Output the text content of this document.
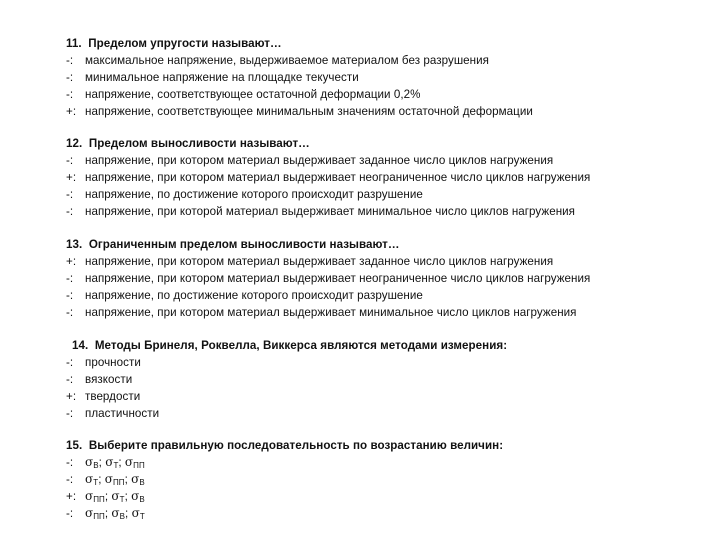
11. Пределом упругости называют…
-: максимальное напряжение, выдерживаемое материалом без разрушения
-: минимальное напряжение на площадке текучести
-: напряжение, соответствующее остаточной деформации 0,2%
+: напряжение, соответствующее минимальным значениям остаточной деформации
12. Пределом выносливости называют…
-: напряжение, при котором материал выдерживает заданное число циклов нагружения
+: напряжение, при котором материал выдерживает неограниченное число циклов нагружения
-: напряжение, по достижение которого происходит разрушение
-: напряжение, при которой материал выдерживает минимальное число циклов нагружения
13. Ограниченным пределом выносливости называют…
+: напряжение, при котором материал выдерживает заданное число циклов нагружения
-: напряжение, при котором материал выдерживает неограниченное число циклов нагружения
-: напряжение, по достижение которого происходит разрушение
-: напряжение, при котором материал выдерживает минимальное число циклов нагружения
14. Методы Бринеля, Роквелла, Виккерса являются методами измерения:
-: прочности
-: вязкости
+: твердости
-: пластичности
15. Выберите правильную последовательность по возрастанию величин:
-: $\sigma_В$; $\sigma_Т$; $\sigma_{ПП}$
-: $\sigma_Т$; $\sigma_{ПП}$; $\sigma_В$
+: $\sigma_{ПП}$; $\sigma_Т$; $\sigma_В$
-: $\sigma_{ПП}$; $\sigma_В$; $\sigma_Т$
